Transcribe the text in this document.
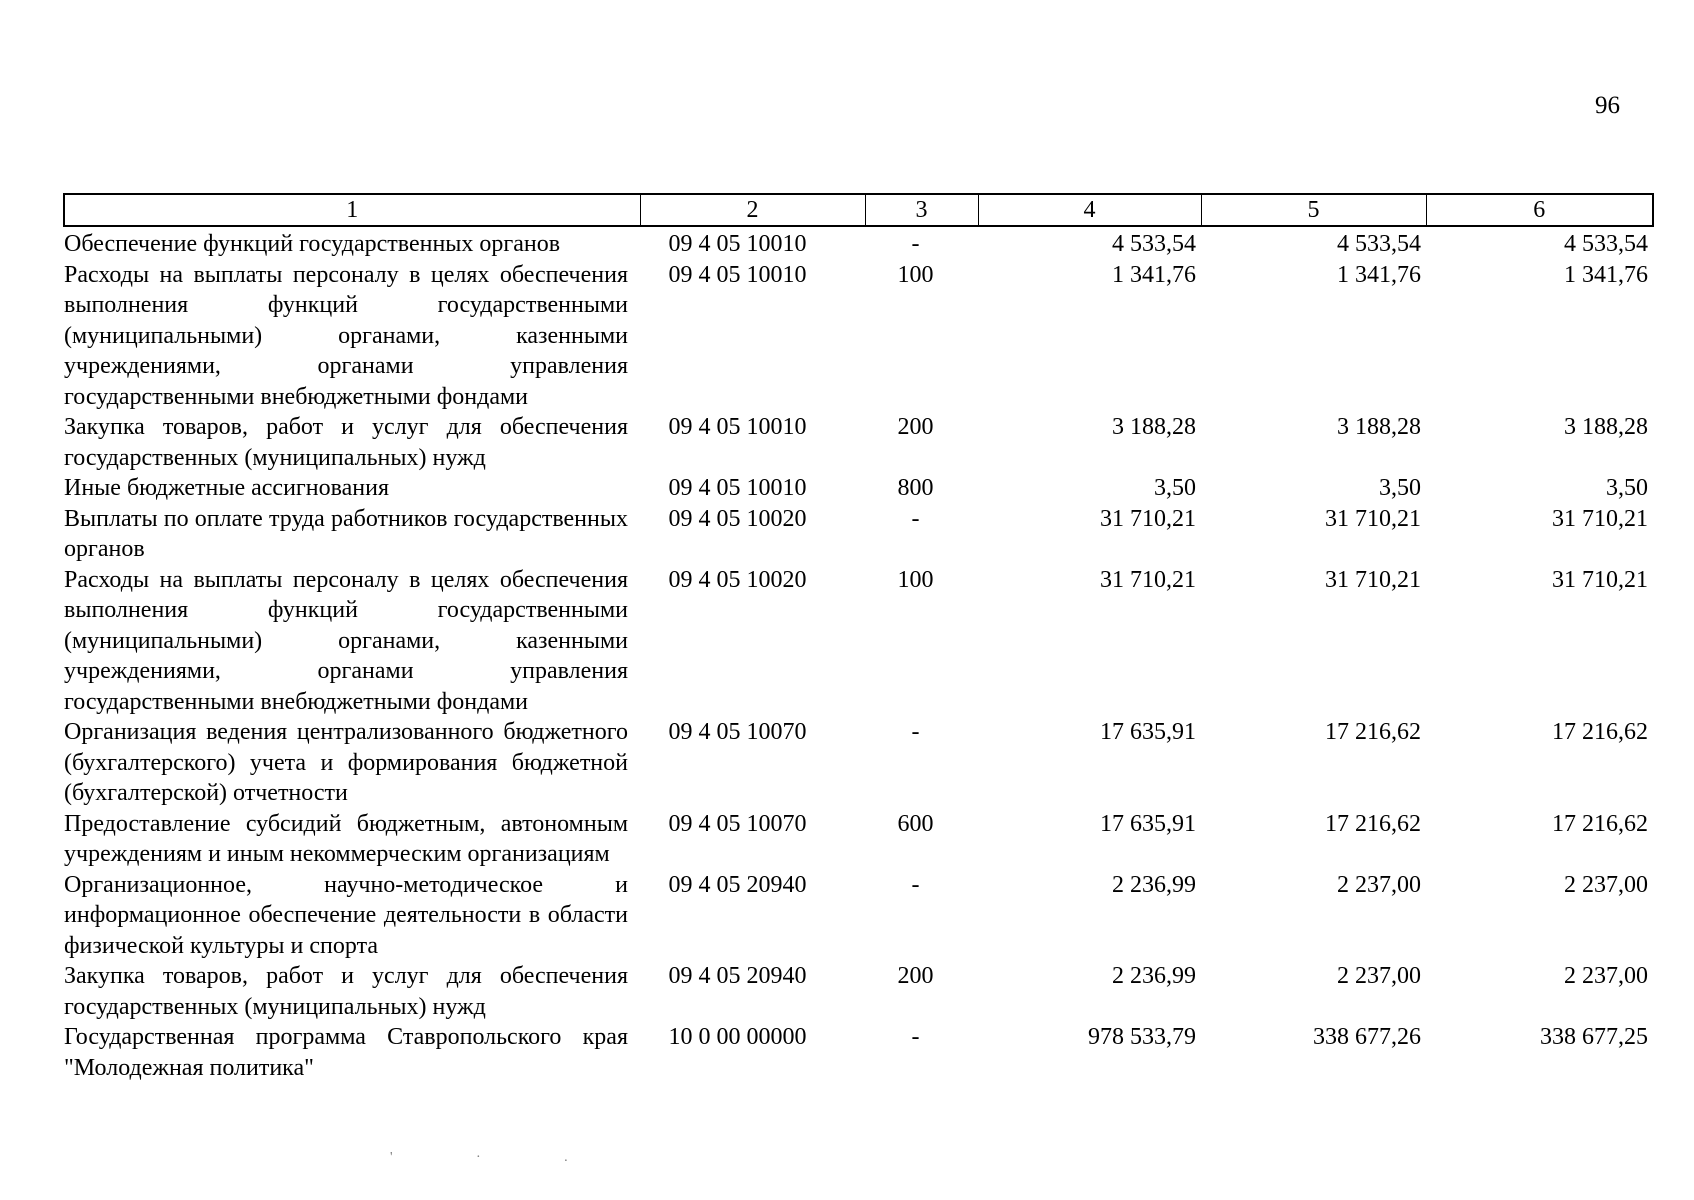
96
1	2	3	4	5	6
Обеспечение функций государственных органов	09 4 05 10010	-	4 533,54	4 533,54	4 533,54
Расходы на выплаты персоналу в целях обеспечения выполнения функций государственными (муниципальными) органами, казенными учреждениями, органами управления государственными внебюджетными фондами	09 4 05 10010	100	1 341,76	1 341,76	1 341,76
Закупка товаров, работ и услуг для обеспечения государственных (муниципальных) нужд	09 4 05 10010	200	3 188,28	3 188,28	3 188,28
Иные бюджетные ассигнования	09 4 05 10010	800	3,50	3,50	3,50
Выплаты по оплате труда работников государственных органов	09 4 05 10020	-	31 710,21	31 710,21	31 710,21
Расходы на выплаты персоналу в целях обеспечения выполнения функций государственными (муниципальными) органами, казенными учреждениями, органами управления государственными внебюджетными фондами	09 4 05 10020	100	31 710,21	31 710,21	31 710,21
Организация ведения централизованного бюджетного (бухгалтерского) учета и формирования бюджетной (бухгалтерской) отчетности	09 4 05 10070	-	17 635,91	17 216,62	17 216,62
Предоставление субсидий бюджетным, автономным учреждениям и иным некоммерческим организациям	09 4 05 10070	600	17 635,91	17 216,62	17 216,62
Организационное, научно-методическое и информационное обеспечение деятельности в области физической культуры и спорта	09 4 05 20940	-	2 236,99	2 237,00	2 237,00
Закупка товаров, работ и услуг для обеспечения государственных (муниципальных) нужд	09 4 05 20940	200	2 236,99	2 237,00	2 237,00
Государственная программа Ставропольского края "Молодежная политика"	10 0 00 00000	-	978 533,79	338 677,26	338 677,25
' · .
